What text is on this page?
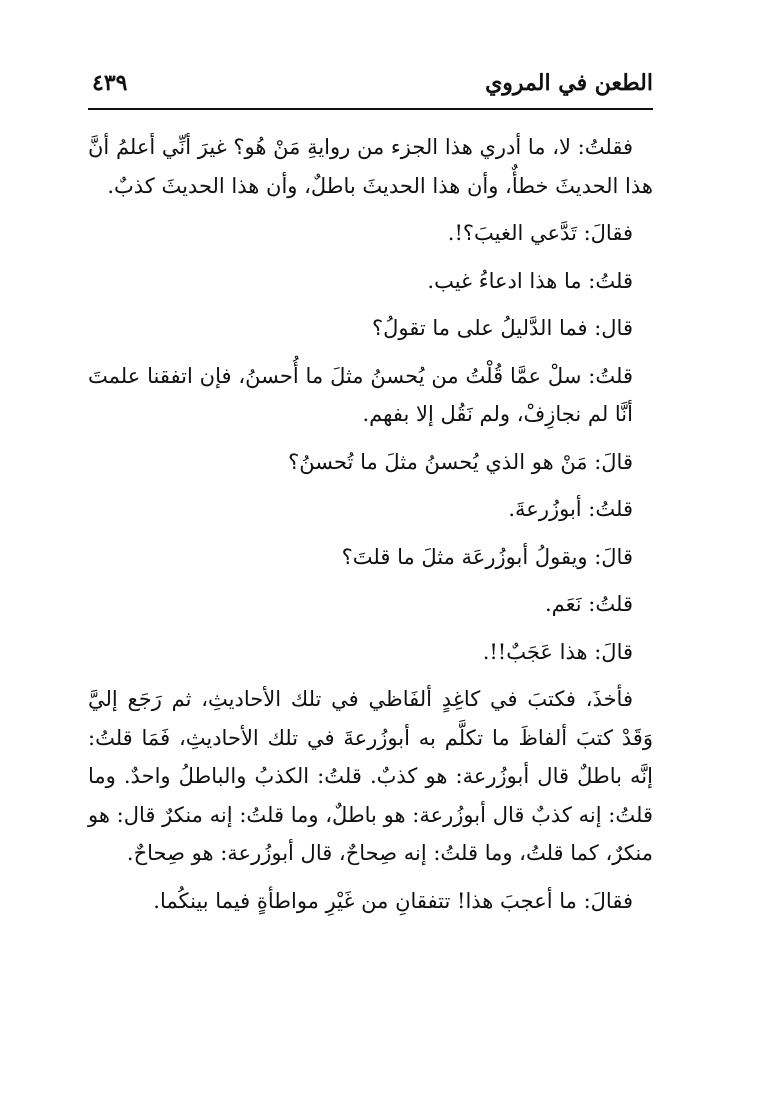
الطعن في المروي
٤٣٩

فقلتُ: لا، ما أدري هذا الجزء من روايةِ مَنْ هُو؟ غيرَ أنِّي أعلمُ أنَّ هذا الحديثَ خطأٌ، وأن هذا الحديثَ باطلٌ، وأن هذا الحديثَ كذبٌ.

فقالَ: تَدَّعي الغيبَ؟!.

قلتُ: ما هذا ادعاءُ غيب.

قال: فما الدَّليلُ على ما تقولُ؟

قلتُ: سلْ عمَّا قُلْتُ من يُحسنُ مثلَ ما أُحسنُ، فإن اتفقنا علمتَ أنَّا لم نجازِفْ، ولم نَقُل إلا بفهم.

قالَ: مَنْ هو الذي يُحسنُ مثلَ ما تُحسنُ؟

قلتُ: أبوزُرعةَ.

قالَ: ويقولُ أبوزُرعَة مثلَ ما قلتَ؟

قلتُ: نَعَم.

قالَ: هذا عَجَبٌ!!.

فأخذَ، فكتبَ في كاغِدٍ ألفَاظي في تلك الأحاديثِ، ثم رَجَع إليَّ وَقَدْ كتبَ ألفاظَ ما تكلَّم به أبوزُرعةَ في تلك الأحاديثِ، فَمَا قلتُ: إنَّه باطلٌ قال أبوزُرعة: هو كذبٌ. قلتُ: الكذبُ والباطلُ واحدٌ. وما قلتُ: إنه كذبٌ قال أبوزُرعة: هو باطلٌ، وما قلتُ: إنه منكرٌ قال: هو منكرٌ، كما قلتُ، وما قلتُ: إنه صِحاحٌ، قال أبوزُرعة: هو صِحاحٌ.

فقالَ: ما أعجبَ هذا! تتفقانِ من غَيْرِ مواطأةٍ فيما بينكُما.
